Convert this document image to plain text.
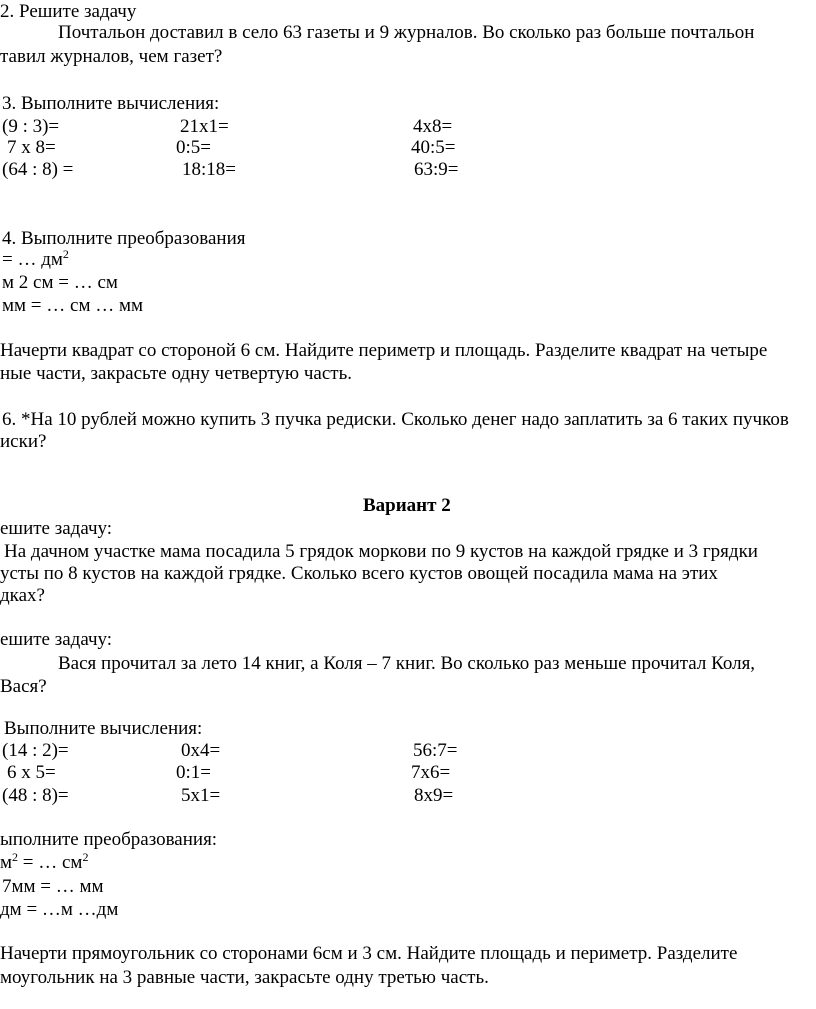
2. Решите задачу
Почтальон доставил в село 63 газеты и 9 журналов. Во сколько раз больше почтальон
тавил журналов, чем газет?
3. Выполните вычисления:
(9 : 3)=	21х1=	4х8=
7 х 8=	0:5=	40:5=
(64 : 8) =	18:18=	63:9=
4. Выполните преобразования
= … $дм^2$
м 2 см = … см
мм = … см … мм
Начерти квадрат со стороной 6 см. Найдите периметр и площадь. Разделите квадрат на четыре
ные части, закрасьте одну четвертую часть.
6. *На 10 рублей можно купить 3 пучка редиски. Сколько денег надо заплатить за 6 таких пучков
иски?
Вариант 2
ешите задачу:
На дачном участке мама посадила 5 грядок моркови по 9 кустов на каждой грядке и 3 грядки
усты по 8 кустов на каждой грядке. Сколько всего кустов овощей посадила мама на этих
дках?
ешите задачу:
Вася прочитал за лето 14 книг, а Коля – 7 книг. Во сколько раз меньше прочитал Коля,
Вася?
Выполните вычисления:
(14 : 2)=	0х4=	56:7=
6 х 5=	0:1=	7х6=
(48 : 8)=	5х1=	8х9=
ыполните преобразования:
$м^2$ = … $см^2$
7мм = … мм
дм = …м …дм
Начерти прямоугольник со сторонами 6см и 3 см. Найдите площадь и периметр. Разделите
моугольник на 3 равные части, закрасьте одну третью часть.
